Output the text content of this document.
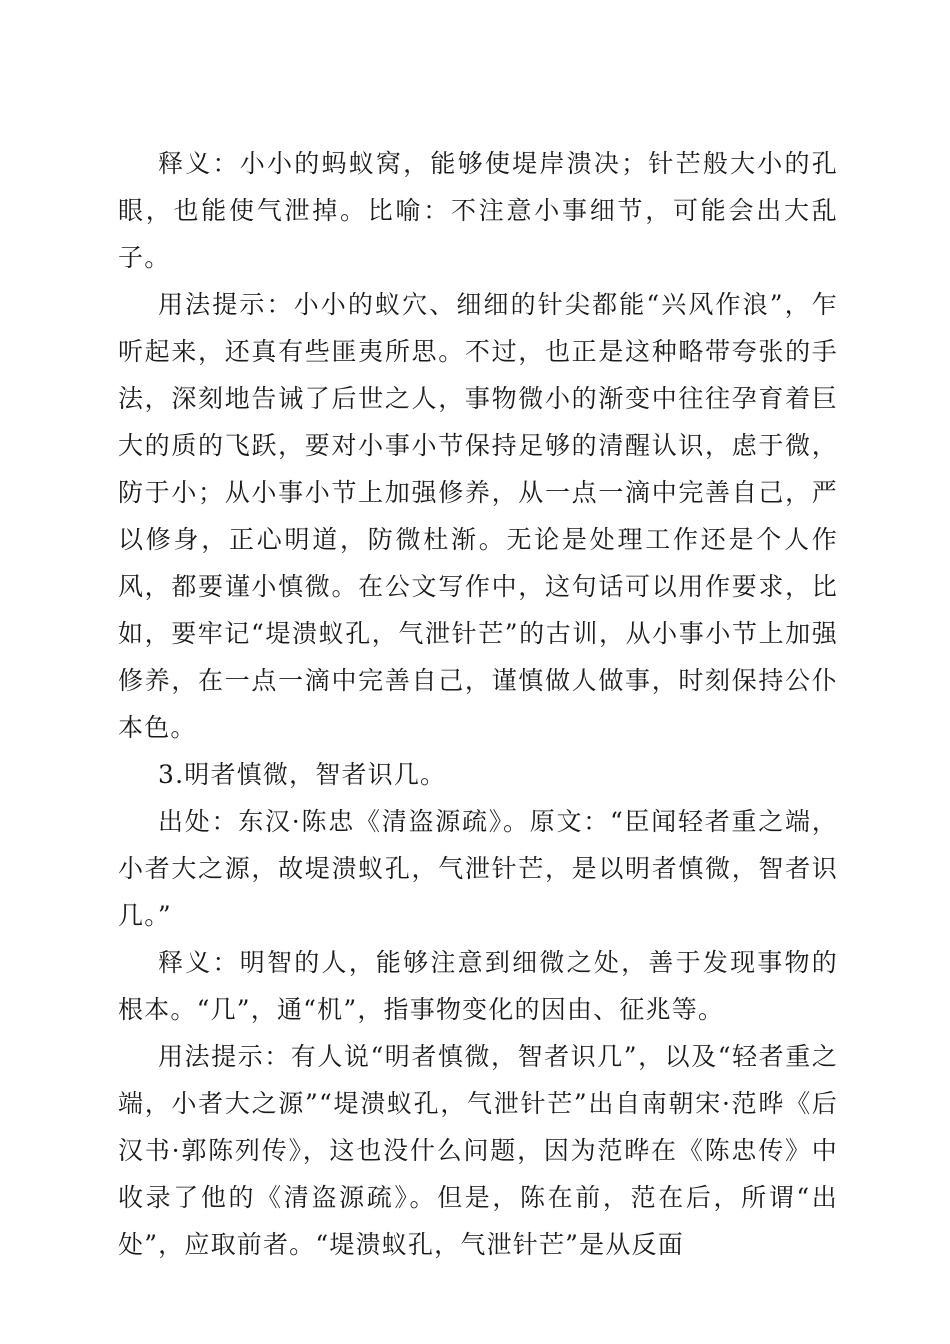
释义：小小的蚂蚁窝，能够使堤岸溃决；针芒般大小的孔眼，也能使气泄掉。比喻：不注意小事细节，可能会出大乱子。

用法提示：小小的蚁穴、细细的针尖都能“兴风作浪”，乍听起来，还真有些匪夷所思。不过，也正是这种略带夸张的手法，深刻地告诫了后世之人，事物微小的渐变中往往孕育着巨大的质的飞跃，要对小事小节保持足够的清醒认识，虑于微，防于小；从小事小节上加强修养，从一点一滴中完善自己，严以修身，正心明道，防微杜渐。无论是处理工作还是个人作风，都要谨小慎微。在公文写作中，这句话可以用作要求，比如，要牢记“堤溃蚁孔，气泄针芒”的古训，从小事小节上加强修养，在一点一滴中完善自己，谨慎做人做事，时刻保持公仆本色。

3.明者慎微，智者识几。

出处：东汉·陈忠《清盗源疏》。原文：“臣闻轻者重之端，小者大之源，故堤溃蚁孔，气泄针芒，是以明者慎微，智者识几。”

释义：明智的人，能够注意到细微之处，善于发现事物的根本。“几”，通“机”，指事物变化的因由、征兆等。

用法提示：有人说“明者慎微，智者识几”，以及“轻者重之端，小者大之源”“堤溃蚁孔，气泄针芒”出自南朝宋·范晔《后汉书·郭陈列传》，这也没什么问题，因为范晔在《陈忠传》中收录了他的《清盗源疏》。但是，陈在前，范在后，所谓“出处”，应取前者。“堤溃蚁孔，气泄针芒”是从反面
